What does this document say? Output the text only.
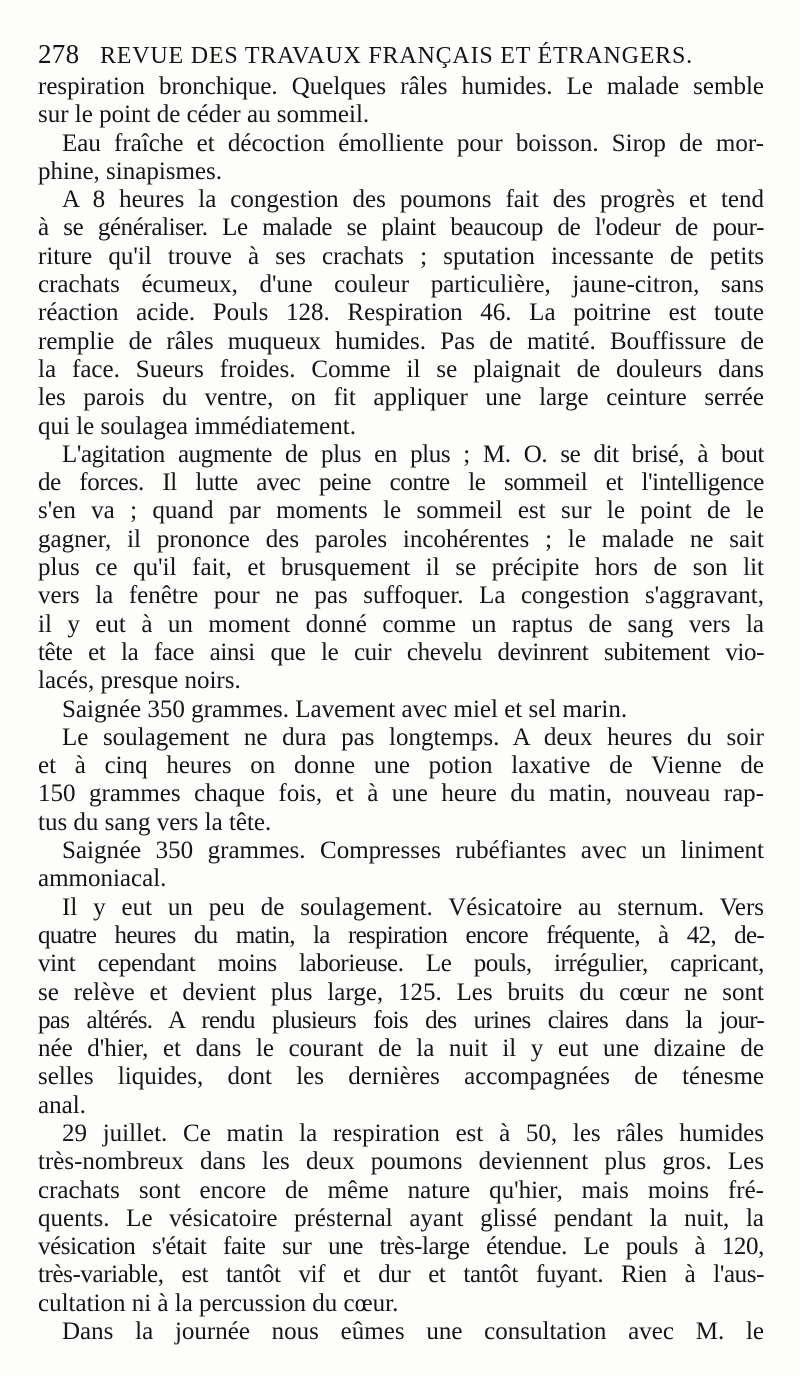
278 REVUE DES TRAVAUX FRANÇAIS ET ÉTRANGERS.
respiration bronchique. Quelques râles humides. Le malade semble
sur le point de céder au sommeil.
Eau fraîche et décoction émolliente pour boisson. Sirop de mor-
phine, sinapismes.
A 8 heures la congestion des poumons fait des progrès et tend
à se généraliser. Le malade se plaint beaucoup de l'odeur de pour-
riture qu'il trouve à ses crachats ; sputation incessante de petits
crachats écumeux, d'une couleur particulière, jaune-citron, sans
réaction acide. Pouls 128. Respiration 46. La poitrine est toute
remplie de râles muqueux humides. Pas de matité. Bouffissure de
la face. Sueurs froides. Comme il se plaignait de douleurs dans
les parois du ventre, on fit appliquer une large ceinture serrée
qui le soulagea immédiatement.
L'agitation augmente de plus en plus ; M. O. se dit brisé, à bout
de forces. Il lutte avec peine contre le sommeil et l'intelligence
s'en va ; quand par moments le sommeil est sur le point de le
gagner, il prononce des paroles incohérentes ; le malade ne sait
plus ce qu'il fait, et brusquement il se précipite hors de son lit
vers la fenêtre pour ne pas suffoquer. La congestion s'aggravant,
il y eut à un moment donné comme un raptus de sang vers la
tête et la face ainsi que le cuir chevelu devinrent subitement vio-
lacés, presque noirs.
Saignée 350 grammes. Lavement avec miel et sel marin.
Le soulagement ne dura pas longtemps. A deux heures du soir
et à cinq heures on donne une potion laxative de Vienne de
150 grammes chaque fois, et à une heure du matin, nouveau rap-
tus du sang vers la tête.
Saignée 350 grammes. Compresses rubéfiantes avec un liniment
ammoniacal.
Il y eut un peu de soulagement. Vésicatoire au sternum. Vers
quatre heures du matin, la respiration encore fréquente, à 42, de-
vint cependant moins laborieuse. Le pouls, irrégulier, capricant,
se relève et devient plus large, 125. Les bruits du cœur ne sont
pas altérés. A rendu plusieurs fois des urines claires dans la jour-
née d'hier, et dans le courant de la nuit il y eut une dizaine de
selles liquides, dont les dernières accompagnées de ténesme
anal.
29 juillet. Ce matin la respiration est à 50, les râles humides
très-nombreux dans les deux poumons deviennent plus gros. Les
crachats sont encore de même nature qu'hier, mais moins fré-
quents. Le vésicatoire présternal ayant glissé pendant la nuit, la
vésication s'était faite sur une très-large étendue. Le pouls à 120,
très-variable, est tantôt vif et dur et tantôt fuyant. Rien à l'aus-
cultation ni à la percussion du cœur.
Dans la journée nous eûmes une consultation avec M. le
